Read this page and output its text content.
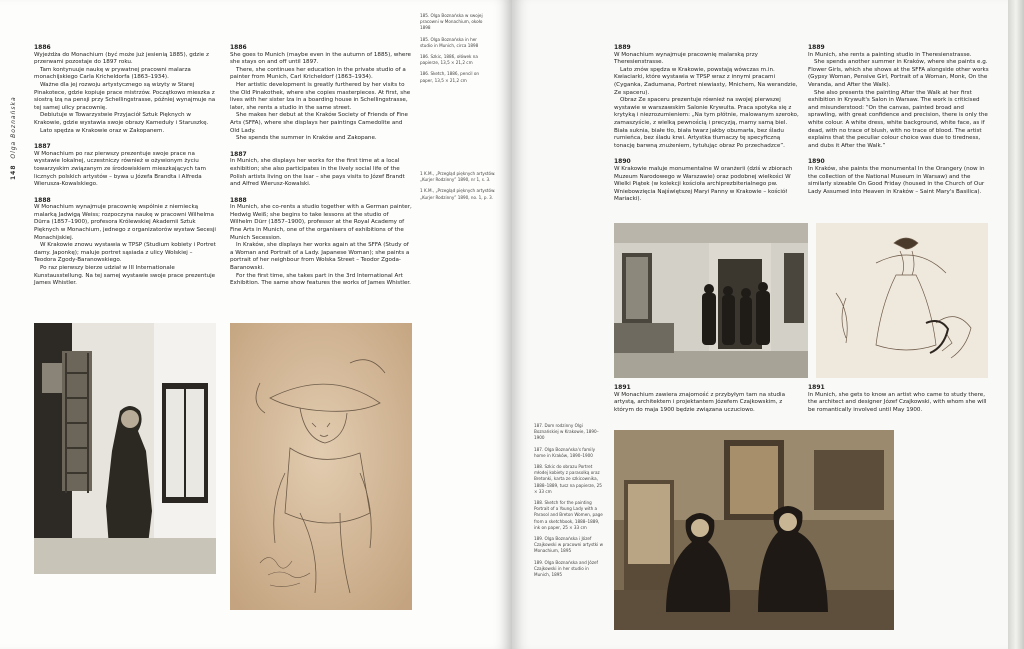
148  Olga Boznańska

1886

Wyjeżdża do Monachium (być może już jesienią 1885), gdzie z przerwami pozostaje do 1897 roku.

Tam kontynuuje naukę w prywatnej pracowni malarza monachijskiego Carla Kricheldorfa (1863–1934).

Ważne dla jej rozwoju artystycznego są wizyty w Starej Pinakotece, gdzie kopiuje prace mistrzów. Początkowo mieszka z siostrą Izą na pensji przy Schellingstrasse, później wynajmuje na tej samej ulicy pracownię.

Debiutuje w Towarzystwie Przyjaciół Sztuk Pięknych w Krakowie, gdzie wystawia swoje obrazy Kameduły i Staruszkę.

Lato spędza w Krakowie oraz w Zakopanem.

1887

W Monachium po raz pierwszy prezentuje swoje prace na wystawie lokalnej, uczestniczy również w ożywionym życiu towarzyskim związanym ze środowiskiem mieszkających tam licznych polskich artystów – bywa u Józefa Brandta i Alfreda Wierusza-Kowalskiego.

1888

W Monachium wynajmuje pracownię wspólnie z niemiecką malarką Jadwigą Weiss; rozpoczyna naukę w pracowni Wilhelma Dürra (1857–1900), profesora Królewskiej Akademii Sztuk Pięknych w Monachium, jednego z organizatorów wystaw Secesji Monachijskiej.

W Krakowie znowu wystawia w TPSP (Studium kobiety i Portret damy. Japonkę); maluje portret sąsiada z ulicy Wolskiej – Teodora Zgody-Baranowskiego.

Po raz pierwszy bierze udział w III Internationale Kunstausstellung. Na tej samej wystawie swoje prace prezentuje James Whistler.

1886

She goes to Munich (maybe even in the autumn of 1885), where she stays on and off until 1897.

There, she continues her education in the private studio of a painter from Munich, Carl Kricheldorf (1863–1934).

Her artistic development is greatly furthered by her visits to the Old Pinakothek, where she copies masterpieces. At first, she lives with her sister Iza in a boarding house in Schellingstrasse, later, she rents a studio in the same street.

She makes her debut at the Kraków Society of Friends of Fine Arts (SFFA), where she displays her paintings Camedolite and Old Lady.

She spends the summer in Kraków and Zakopane.

1887

In Munich, she displays her works for the first time at a local exhibition; she also participates in the lively social life of the Polish artists living on the Isar – she pays visits to Józef Brandt and Alfred Wierusz-Kowalski.

1888

In Munich, she co-rents a studio together with a German painter, Hedwig Weiß; she begins to take lessons at the studio of Wilhelm Dürr (1857–1900), professor at the Royal Academy of Fine Arts in Munich, one of the organisers of exhibitions of the Munich Secession.

In Kraków, she displays her works again at the SFFA (Study of a Woman and Portrait of a Lady. Japanese Woman); she paints a portrait of her neighbour from Wolska Street – Teodor Zgoda-Baranowski.

For the first time, she takes part in the 3rd International Art Exhibition. The same show features the works of James Whistler.

185. Olga Boznańska w swojej pracowni w Monachium, około 1898
185. Olga Boznańska in her studio in Munich, circa 1898
186. Szkic, 1886, ołówek na papierze, 13,5 × 21,2 cm
186. Sketch, 1886, pencil on paper, 13,5 × 21,2 cm
1 K.M., „Przegląd pięknych artystów. „Kurjer Rodzinny” 1890, nr 1, s. 3.
1 K.M., „Przegląd pięknych artystów. „Kurjer Rodzinny” 1890, no. 1, p. 3.

1889

W Monachium wynajmuje pracownię malarską przy Theresienstrasse.

Lato znów spędza w Krakowie, powstają wówczas m.in. Kwiaciarki, które wystawia w TPSP wraz z innymi pracami (Cyganka, Zadumana, Portret niewiasty, Mnichem, Na werandzie, Ze spaceru).

Obraz Ze spaceru prezentuje również na swojej pierwszej wystawie w warszawskim Salonie Krywulta. Praca spotyka się z krytyką i niezrozumieniem: „Na tym płótnie, malowanym szeroko, zamaszyście, z wielką pewnością i precyzją, mamy samą biel. Biała suknia, białe tło, biała twarz jakby obumarła, bez śladu rumieńca, bez śladu krwi. Artystka tłumaczy tę specyficzną tonację barwną znużeniem, tytułując obraz Po przechadzce”.

1890

W Krakowie maluje monumentalne W oranżerii (dziś w zbiorach Muzeum Narodowego w Warszawie) oraz podobnej wielkości W Wielki Piątek (w kolekcji kościoła archiprezbiterialnego pw. Wniebowzięcia Najświętszej Maryi Panny w Krakowie – kościół Mariacki).

1889

In Munich, she rents a painting studio in Theresienstrasse.

She spends another summer in Kraków, where she paints e.g. Flower Girls, which she shows at the SFFA alongside other works (Gypsy Woman, Pensive Girl, Portrait of a Woman, Monk, On the Veranda, and After the Walk).

She also presents the painting After the Walk at her first exhibition in Krywult's Salon in Warsaw. The work is criticised and misunderstood: “On the canvas, painted broad and sprawling, with great confidence and precision, there is only the white colour. A white dress, white background, white face, as if dead, with no trace of blush, with no trace of blood. The artist explains that the peculiar colour choice was due to tiredness, and dubs it After the Walk.”

1890

In Kraków, she paints the monumental In the Orangery (now in the collection of the National Museum in Warsaw) and the similarly sizeable On Good Friday (housed in the Church of Our Lady Assumed into Heaven in Kraków – Saint Mary's Basilica).

1891

W Monachium zawiera znajomość z przybyłym tam na studia artystą, architektem i projektantem Józefem Czajkowskim, z którym do maja 1900 będzie związana uczuciowo.

1891

In Munich, she gets to know an artist who came to study there, the architect and designer Józef Czajkowski, with whom she will be romantically involved until May 1900.

187. Dom rodzinny Olgi Boznańskiej w Krakowie, 1890–1900
187. Olga Boznańska's family home in Kraków, 1890–1900
188. Szkic do obrazu Portret młodej kobiety z parasolką oraz Bretonki, karta ze szkicownika, 1888–1889, tusz na papierze, 25 × 33 cm
188. Sketch for the painting Portrait of a Young Lady with a Parasol and Breton Women, page from a sketchbook, 1888–1889, ink on paper, 25 × 33 cm
189. Olga Boznańska i Józef Czajkowski w pracowni artystki w Monachium, 1895
189. Olga Boznańska and Józef Czajkowski in her studio in Munich, 1895
